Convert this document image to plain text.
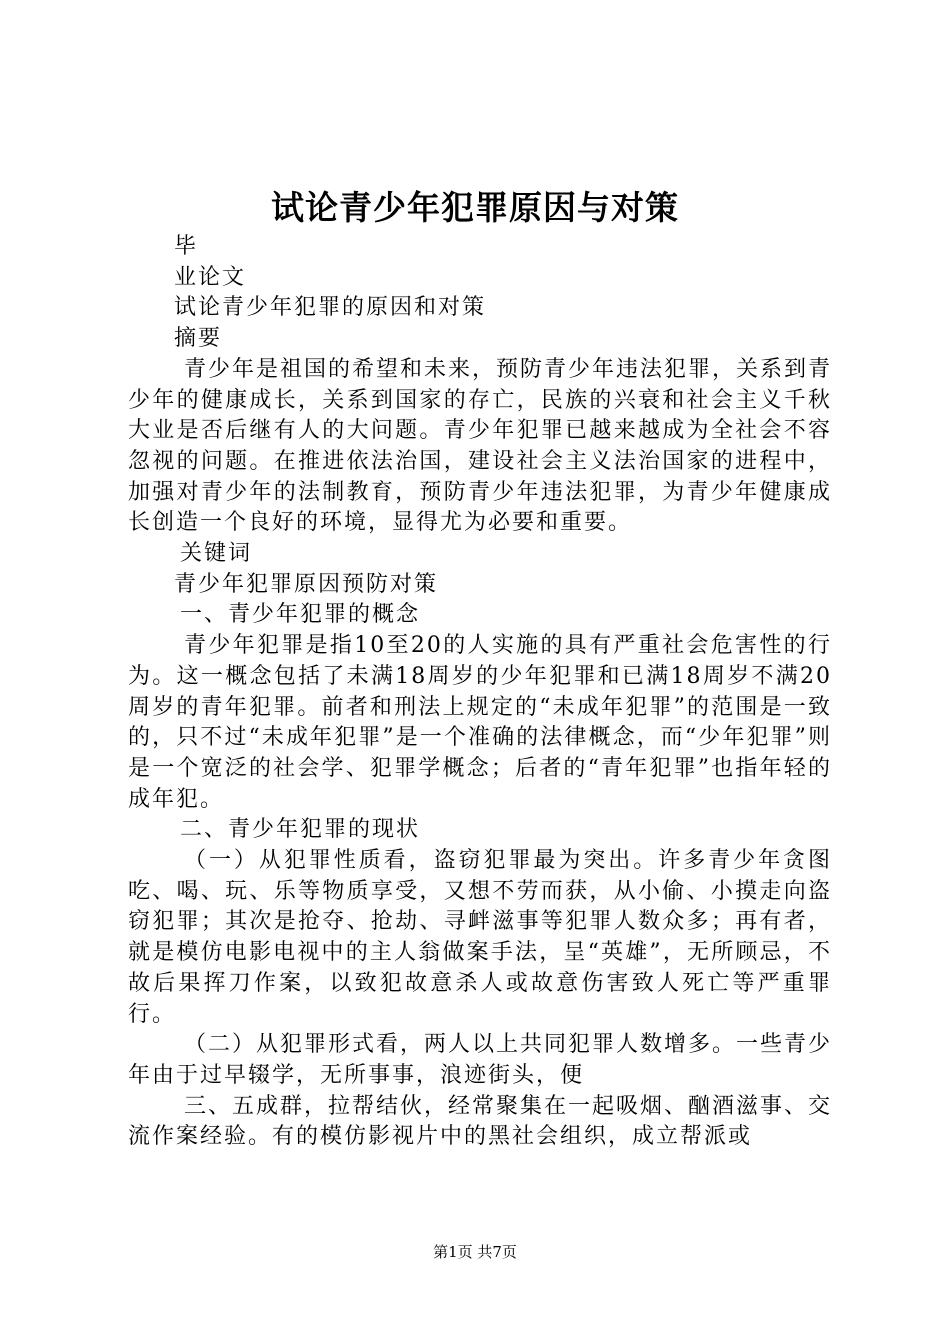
试论青少年犯罪原因与对策

毕

业论文

试论青少年犯罪的原因和对策

摘要

青少年是祖国的希望和未来，预防青少年违法犯罪，关系到青少年的健康成长，关系到国家的存亡，民族的兴衰和社会主义千秋大业是否后继有人的大问题。青少年犯罪已越来越成为全社会不容忽视的问题。在推进依法治国，建设社会主义法治国家的进程中，加强对青少年的法制教育，预防青少年违法犯罪，为青少年健康成长创造一个良好的环境，显得尤为必要和重要。

关键词

青少年犯罪原因预防对策

一、青少年犯罪的概念

青少年犯罪是指10至20的人实施的具有严重社会危害性的行为。这一概念包括了未满18周岁的少年犯罪和已满18周岁不满20周岁的青年犯罪。前者和刑法上规定的“未成年犯罪”的范围是一致的，只不过“未成年犯罪”是一个准确的法律概念，而“少年犯罪”则是一个宽泛的社会学、犯罪学概念；后者的“青年犯罪”也指年轻的成年犯。

二、青少年犯罪的现状

（一）从犯罪性质看，盗窃犯罪最为突出。许多青少年贪图吃、喝、玩、乐等物质享受，又想不劳而获，从小偷、小摸走向盗窃犯罪；其次是抢夺、抢劫、寻衅滋事等犯罪人数众多；再有者，就是模仿电影电视中的主人翁做案手法，呈“英雄”，无所顾忌，不故后果挥刀作案，以致犯故意杀人或故意伤害致人死亡等严重罪行。

（二）从犯罪形式看，两人以上共同犯罪人数增多。一些青少年由于过早辍学，无所事事，浪迹街头，便

三、五成群，拉帮结伙，经常聚集在一起吸烟、酗酒滋事、交流作案经验。有的模仿影视片中的黑社会组织，成立帮派或

第1页 共7页
